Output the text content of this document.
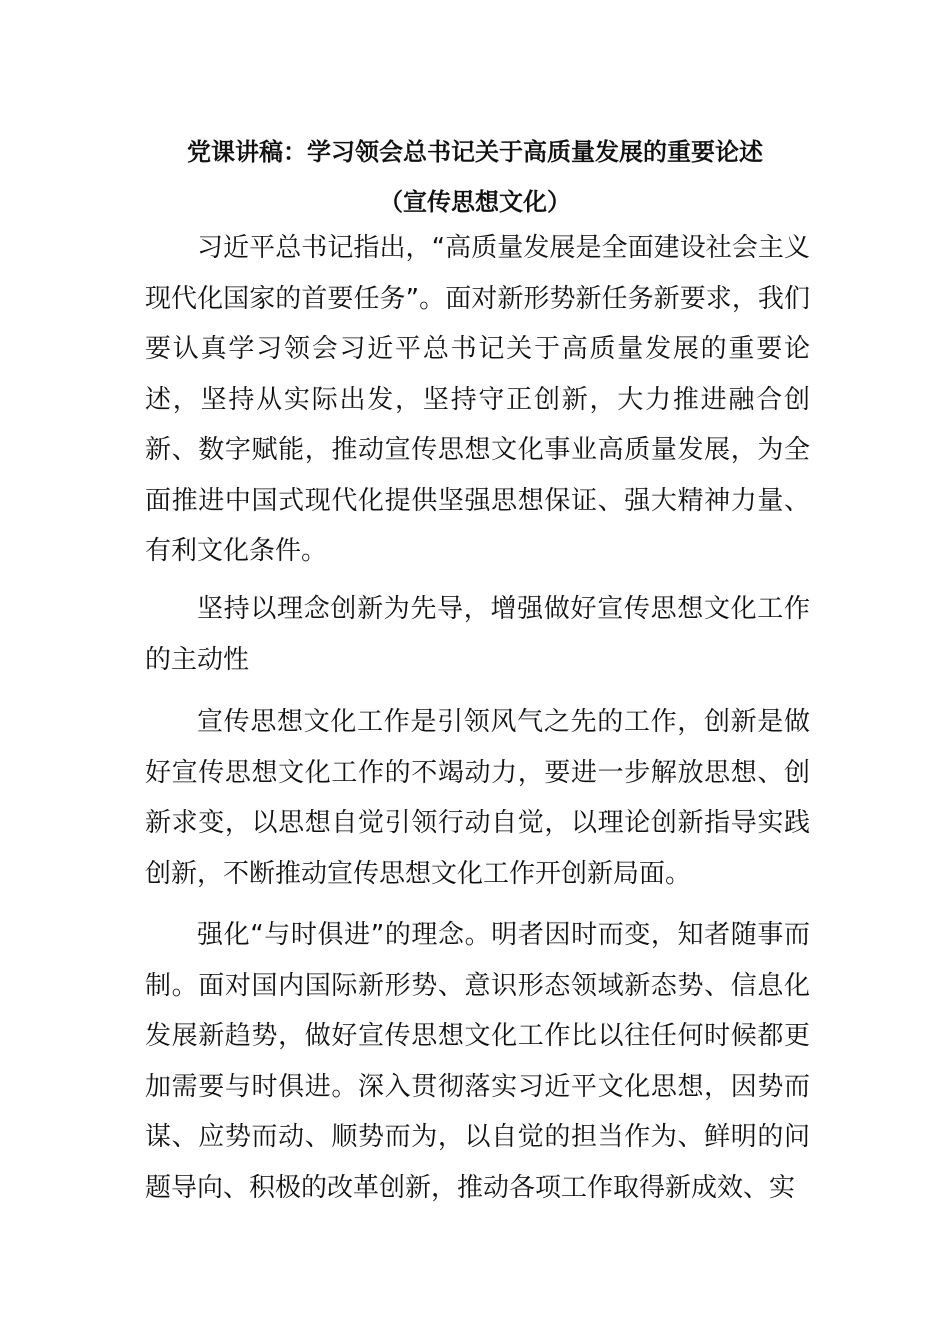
党课讲稿：学习领会总书记关于高质量发展的重要论述
（宣传思想文化）

习近平总书记指出，“高质量发展是全面建设社会主义现代化国家的首要任务”。面对新形势新任务新要求，我们要认真学习领会习近平总书记关于高质量发展的重要论述，坚持从实际出发，坚持守正创新，大力推进融合创新、数字赋能，推动宣传思想文化事业高质量发展，为全面推进中国式现代化提供坚强思想保证、强大精神力量、有利文化条件。

坚持以理念创新为先导，增强做好宣传思想文化工作的主动性

宣传思想文化工作是引领风气之先的工作，创新是做好宣传思想文化工作的不竭动力，要进一步解放思想、创新求变，以思想自觉引领行动自觉，以理论创新指导实践创新，不断推动宣传思想文化工作开创新局面。

强化“与时俱进”的理念。明者因时而变，知者随事而制。面对国内国际新形势、意识形态领域新态势、信息化发展新趋势，做好宣传思想文化工作比以往任何时候都更加需要与时俱进。深入贯彻落实习近平文化思想，因势而谋、应势而动、顺势而为，以自觉的担当作为、鲜明的问题导向、积极的改革创新，推动各项工作取得新成效、实
